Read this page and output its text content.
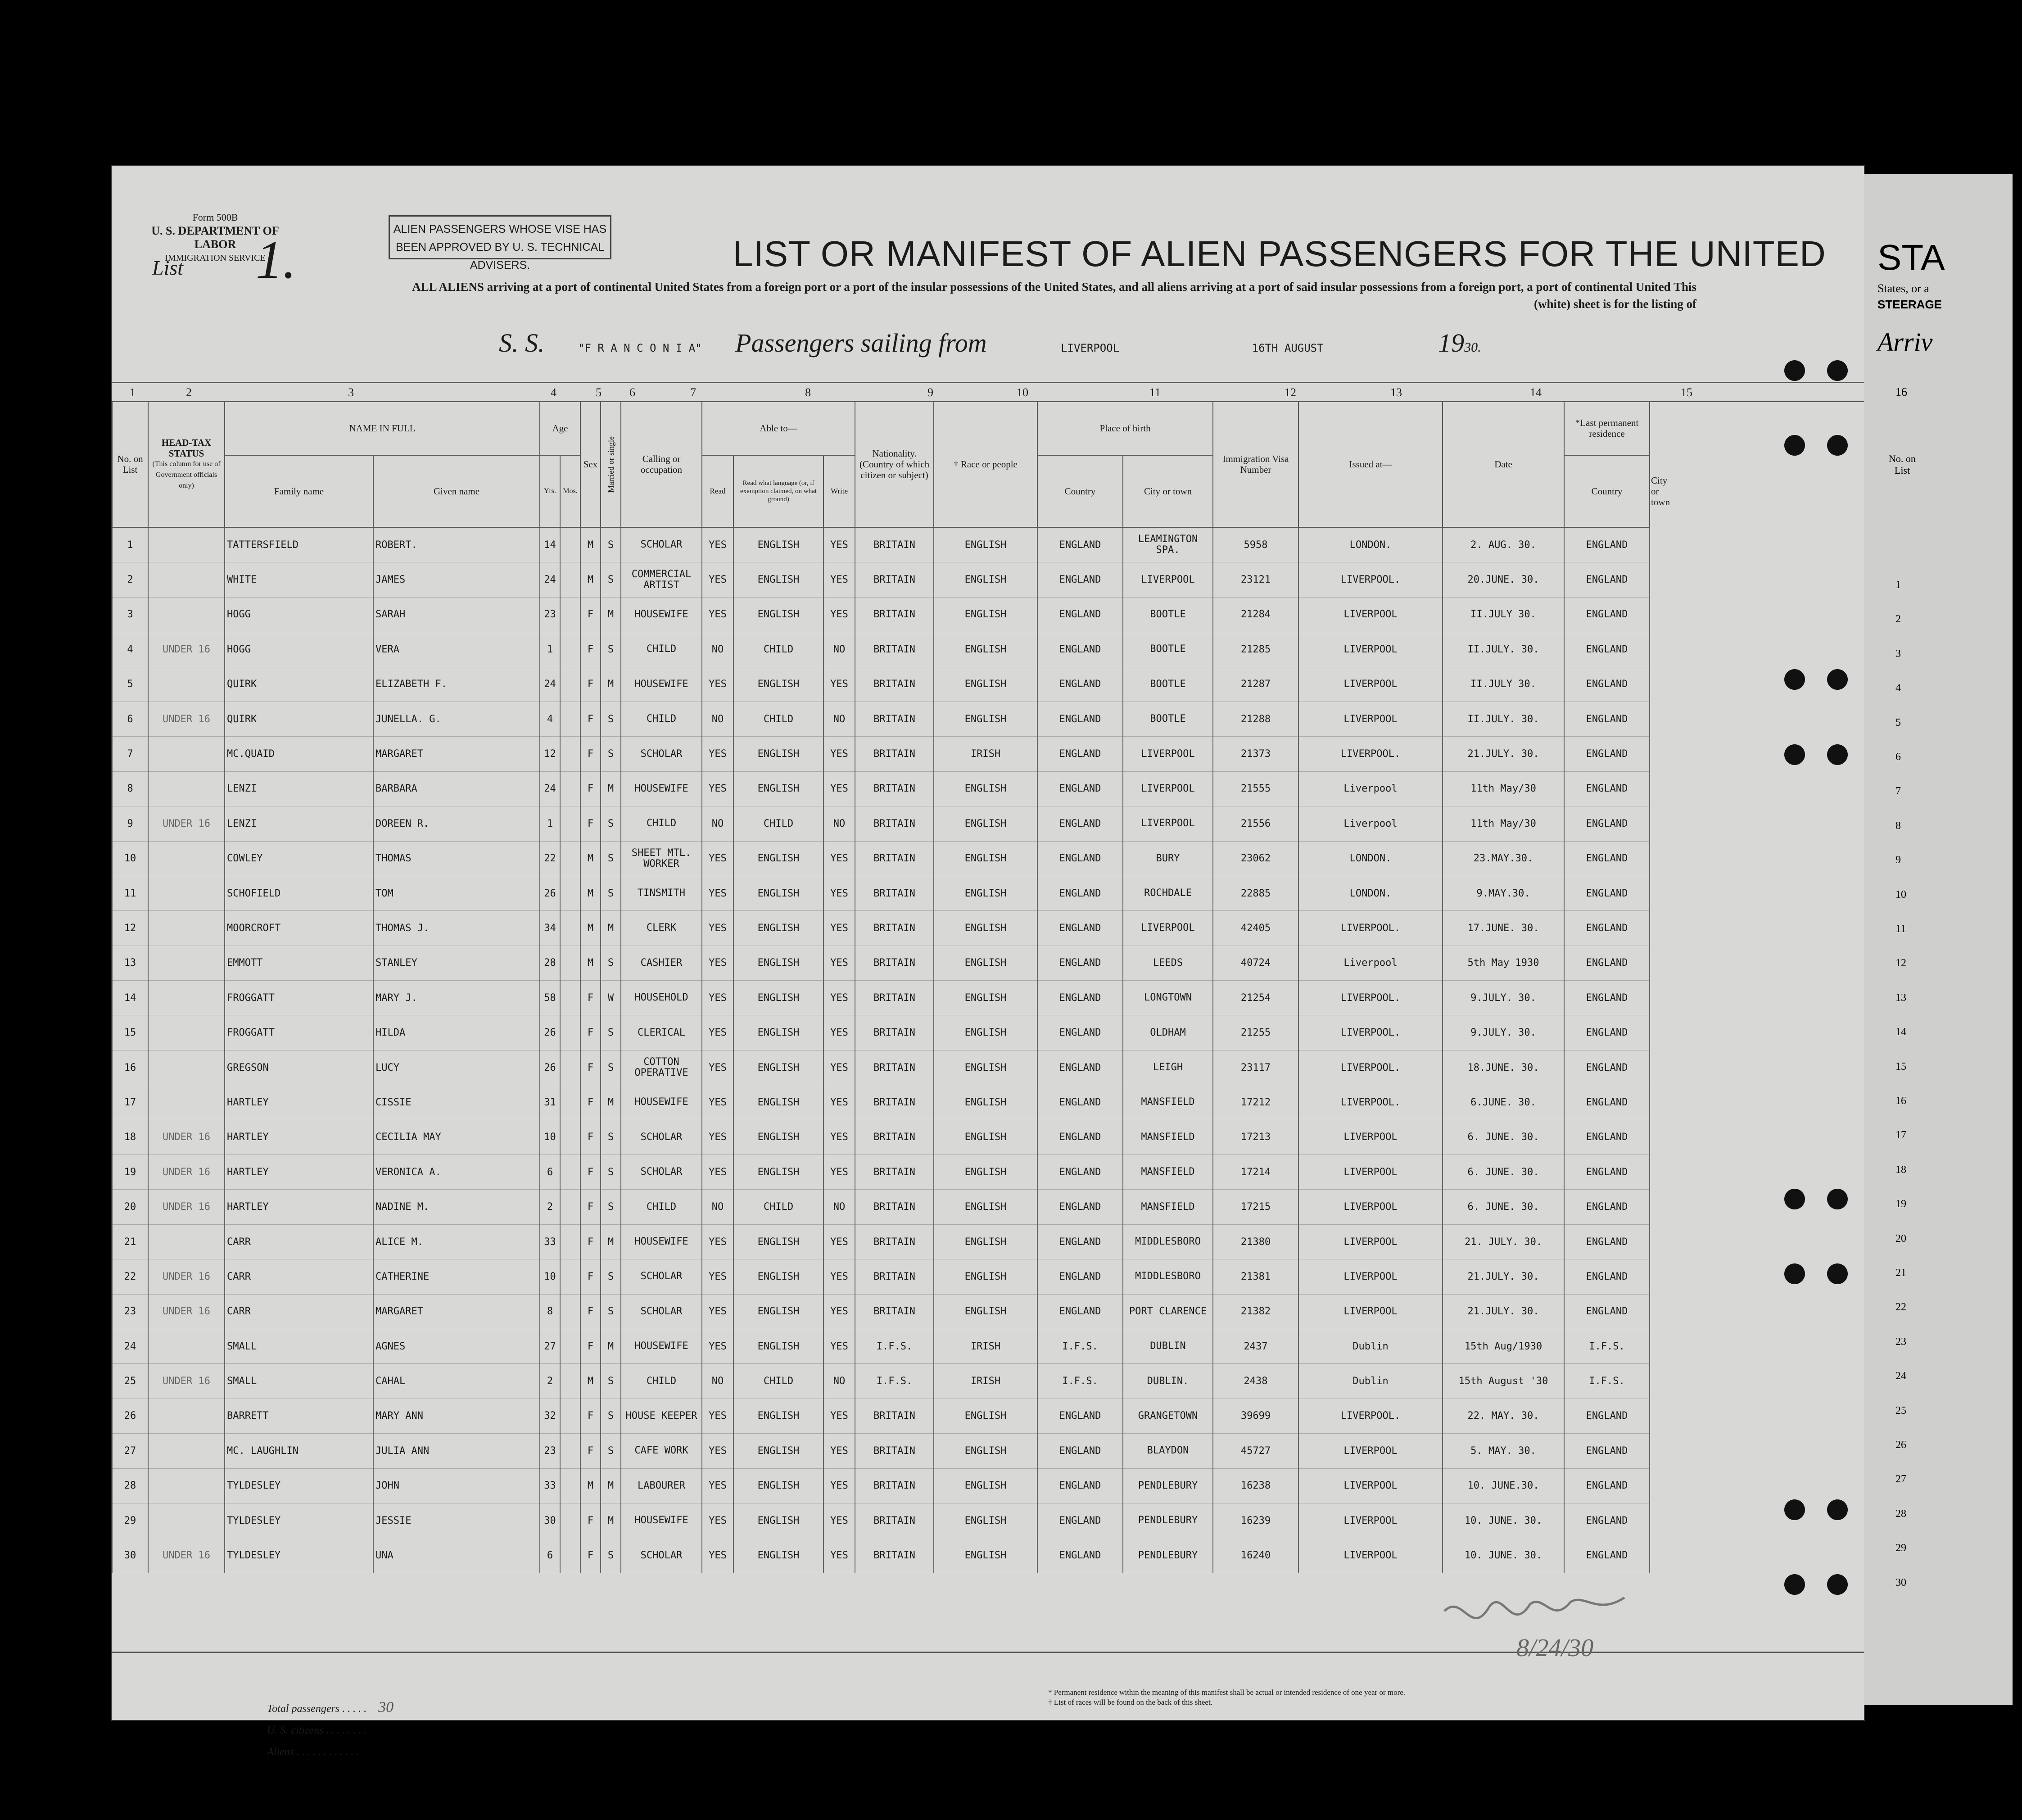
Form 500B
U. S. DEPARTMENT OF LABOR
IMMIGRATION SERVICE
List 1.
ALIEN PASSENGERS WHOSE VISE HAS BEEN APPROVED BY U. S. TECHNICAL ADVISERS.	LIST OR MANIFEST OF ALIEN PASSENGERS FOR THE UNITED
ALL ALIENS arriving at a port of continental United States from a foreign port or a port of the insular possessions of the United States, and all aliens arriving at a port of said insular possessions from a foreign port, a port of continental United This (white) sheet is for the listing of
S. S.	"F R A N C O N I A" Passengers sailing from	LIVERPOOL	16TH AUGUST	1930.
1	2	3	4	5 6	7	8	9	10	11	12	13	14	15
No. on List	HEAD-TAX STATUS
(This column for use of Government officials only)	NAME IN FULL		Age		Sex	Married or single	Calling or occupation	Able to—			Nationality. (Country of which citizen or subject)	† Race or people	Place of birth		Immigration Visa Number	Issued at—	Date	*Last permanent residence	
		Family name	Given name	Yrs.	Mos.				Read	Read what language (or, if exemption claimed, on what ground)	Write			Country	City or town				Country	City or town
1		TATTERSFIELD	ROBERT.	14		M	S	SCHOLAR	YES	ENGLISH	YES	BRITAIN	ENGLISH	ENGLAND	LEAMINGTON SPA.	5958	LONDON.	2. AUG. 30.	ENGLAND	
2		WHITE	JAMES	24		M	S	COMMERCIAL ARTIST	YES	ENGLISH	YES	BRITAIN	ENGLISH	ENGLAND	LIVERPOOL	23121	LIVERPOOL.	20.JUNE. 30.	ENGLAND	
3		HOGG	SARAH	23		F	M	HOUSEWIFE	YES	ENGLISH	YES	BRITAIN	ENGLISH	ENGLAND	BOOTLE	21284	LIVERPOOL	II.JULY 30.	ENGLAND	
4	UNDER 16	HOGG	VERA	1		F	S	CHILD	NO	CHILD	NO	BRITAIN	ENGLISH	ENGLAND	BOOTLE	21285	LIVERPOOL	II.JULY. 30.	ENGLAND	
5		QUIRK	ELIZABETH F.	24		F	M	HOUSEWIFE	YES	ENGLISH	YES	BRITAIN	ENGLISH	ENGLAND	BOOTLE	21287	LIVERPOOL	II.JULY 30.	ENGLAND	
6	UNDER 16	QUIRK	JUNELLA. G.	4		F	S	CHILD	NO	CHILD	NO	BRITAIN	ENGLISH	ENGLAND	BOOTLE	21288	LIVERPOOL	II.JULY. 30.	ENGLAND	
7		MC.QUAID	MARGARET	12		F	S	SCHOLAR	YES	ENGLISH	YES	BRITAIN	IRISH	ENGLAND	LIVERPOOL	21373	LIVERPOOL.	21.JULY. 30.	ENGLAND	
8		LENZI	BARBARA	24		F	M	HOUSEWIFE	YES	ENGLISH	YES	BRITAIN	ENGLISH	ENGLAND	LIVERPOOL	21555	Liverpool	11th May/30	ENGLAND	
9	UNDER 16	LENZI	DOREEN R.	1		F	S	CHILD	NO	CHILD	NO	BRITAIN	ENGLISH	ENGLAND	LIVERPOOL	21556	Liverpool	11th May/30	ENGLAND	
10		COWLEY	THOMAS	22		M	S	SHEET MTL. WORKER	YES	ENGLISH	YES	BRITAIN	ENGLISH	ENGLAND	BURY	23062	LONDON.	23.MAY.30.	ENGLAND	
11		SCHOFIELD	TOM	26		M	S	TINSMITH	YES	ENGLISH	YES	BRITAIN	ENGLISH	ENGLAND	ROCHDALE	22885	LONDON.	9.MAY.30.	ENGLAND	
12		MOORCROFT	THOMAS J.	34		M	M	CLERK	YES	ENGLISH	YES	BRITAIN	ENGLISH	ENGLAND	LIVERPOOL	42405	LIVERPOOL.	17.JUNE. 30.	ENGLAND	
13		EMMOTT	STANLEY	28		M	S	CASHIER	YES	ENGLISH	YES	BRITAIN	ENGLISH	ENGLAND	LEEDS	40724	Liverpool	5th May 1930	ENGLAND	
14		FROGGATT	MARY J.	58		F	W	HOUSEHOLD	YES	ENGLISH	YES	BRITAIN	ENGLISH	ENGLAND	LONGTOWN	21254	LIVERPOOL.	9.JULY. 30.	ENGLAND	
15		FROGGATT	HILDA	26		F	S	CLERICAL	YES	ENGLISH	YES	BRITAIN	ENGLISH	ENGLAND	OLDHAM	21255	LIVERPOOL.	9.JULY. 30.	ENGLAND	
16		GREGSON	LUCY	26		F	S	COTTON OPERATIVE	YES	ENGLISH	YES	BRITAIN	ENGLISH	ENGLAND	LEIGH	23117	LIVERPOOL.	18.JUNE. 30.	ENGLAND	
17		HARTLEY	CISSIE	31		F	M	HOUSEWIFE	YES	ENGLISH	YES	BRITAIN	ENGLISH	ENGLAND	MANSFIELD	17212	LIVERPOOL.	6.JUNE. 30.	ENGLAND	
18	UNDER 16	HARTLEY	CECILIA MAY	10		F	S	SCHOLAR	YES	ENGLISH	YES	BRITAIN	ENGLISH	ENGLAND	MANSFIELD	17213	LIVERPOOL	6. JUNE. 30.	ENGLAND	
19	UNDER 16	HARTLEY	VERONICA A.	6		F	S	SCHOLAR	YES	ENGLISH	YES	BRITAIN	ENGLISH	ENGLAND	MANSFIELD	17214	LIVERPOOL	6. JUNE. 30.	ENGLAND	
20	UNDER 16	HARTLEY	NADINE M.	2		F	S	CHILD	NO	CHILD	NO	BRITAIN	ENGLISH	ENGLAND	MANSFIELD	17215	LIVERPOOL	6. JUNE. 30.	ENGLAND	
21		CARR	ALICE M.	33		F	M	HOUSEWIFE	YES	ENGLISH	YES	BRITAIN	ENGLISH	ENGLAND	MIDDLESBORO	21380	LIVERPOOL	21. JULY. 30.	ENGLAND	
22	UNDER 16	CARR	CATHERINE	10		F	S	SCHOLAR	YES	ENGLISH	YES	BRITAIN	ENGLISH	ENGLAND	MIDDLESBORO	21381	LIVERPOOL	21.JULY. 30.	ENGLAND	
23	UNDER 16	CARR	MARGARET	8		F	S	SCHOLAR	YES	ENGLISH	YES	BRITAIN	ENGLISH	ENGLAND	PORT CLARENCE	21382	LIVERPOOL	21.JULY. 30.	ENGLAND	
24		SMALL	AGNES	27		F	M	HOUSEWIFE	YES	ENGLISH	YES	I.F.S.	IRISH	I.F.S.	DUBLIN	2437	Dublin	15th Aug/1930	I.F.S.	
25	UNDER 16	SMALL	CAHAL	2		M	S	CHILD	NO	CHILD	NO	I.F.S.	IRISH	I.F.S.	DUBLIN.	2438	Dublin	15th August '30	I.F.S.	
26		BARRETT	MARY ANN	32		F	S	HOUSE KEEPER	YES	ENGLISH	YES	BRITAIN	ENGLISH	ENGLAND	GRANGETOWN	39699	LIVERPOOL.	22. MAY. 30.	ENGLAND	
27		MC. LAUGHLIN	JULIA ANN	23		F	S	CAFE WORK	YES	ENGLISH	YES	BRITAIN	ENGLISH	ENGLAND	BLAYDON	45727	LIVERPOOL	5. MAY. 30.	ENGLAND	
28		TYLDESLEY	JOHN	33		M	M	LABOURER	YES	ENGLISH	YES	BRITAIN	ENGLISH	ENGLAND	PENDLEBURY	16238	LIVERPOOL	10. JUNE.30.	ENGLAND	
29		TYLDESLEY	JESSIE	30		F	M	HOUSEWIFE	YES	ENGLISH	YES	BRITAIN	ENGLISH	ENGLAND	PENDLEBURY	16239	LIVERPOOL	10. JUNE. 30.	ENGLAND	
30	UNDER 16	TYLDESLEY	UNA	6		F	S	SCHOLAR	YES	ENGLISH	YES	BRITAIN	ENGLISH	ENGLAND	PENDLEBURY	16240	LIVERPOOL	10. JUNE. 30.	ENGLAND	
Total passengers . . . . . 30
U. S. citizens . . . . . . . .
Aliens . . . . . . . . . . . .
* Permanent residence within the meaning of this manifest shall be actual or intended residence of one year or more.
† List of races will be found on the back of this sheet.
8/24/30
STA
States, or a
STEERAGE
Arriv
16
No. on List
1
2
3
4
5
6
7
8
9
10
11
12
13
14
15
16
17
18
19
20
21
22
23
24
25
26
27
28
29
30
